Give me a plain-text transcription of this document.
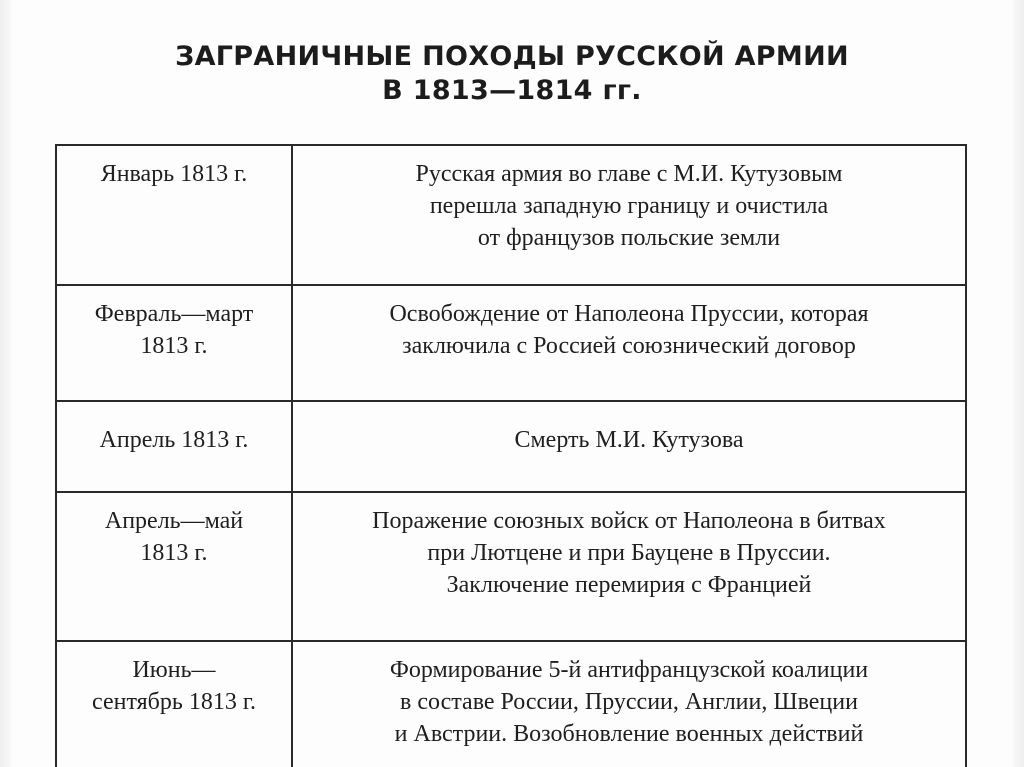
ЗАГРАНИЧНЫЕ ПОХОДЫ РУССКОЙ АРМИИ
В 1813—1814 гг.
Январь 1813 г.	Русская армия во главе с М.И. Кутузовым
перешла западную границу и очистила
от французов польские земли

Февраль—март
1813 г.	Освобождение от Наполеона Пруссии, которая
заключила с Россией союзнический договор

Апрель 1813 г.	Смерть М.И. Кутузова

Апрель—май
1813 г.	Поражение союзных войск от Наполеона в битвах
при Лютцене и при Бауцене в Пруссии.
Заключение перемирия с Францией

Июнь—
сентябрь 1813 г.	Формирование 5-й антифранцузской коалиции
в составе России, Пруссии, Англии, Швеции
и Австрии. Возобновление военных действий
